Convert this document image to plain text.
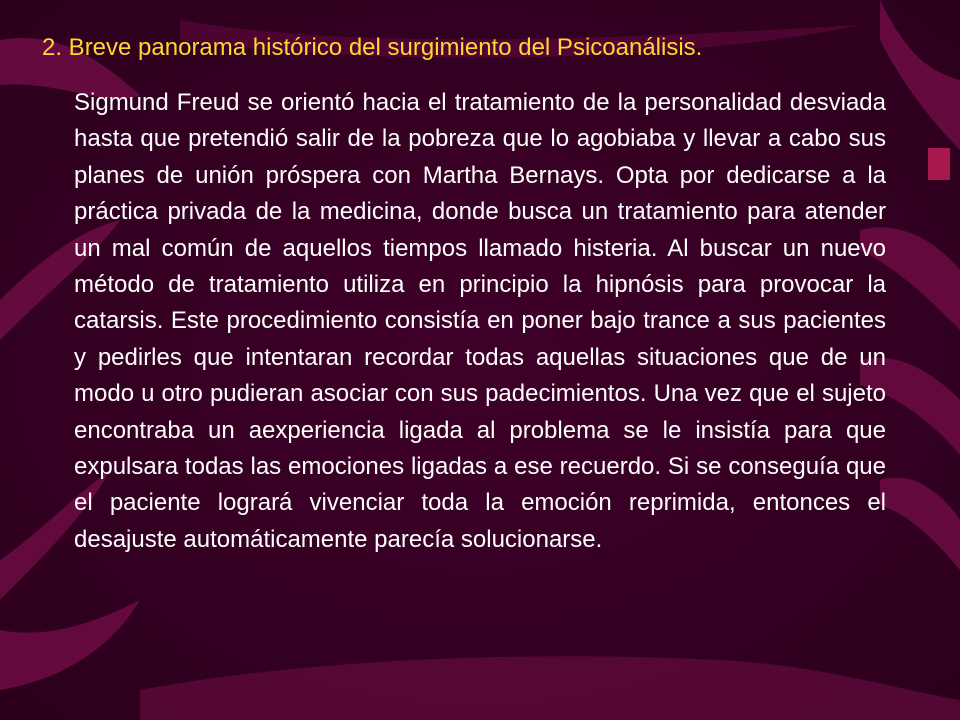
2. Breve panorama histórico del surgimiento del Psicoanálisis.

Sigmund Freud se orientó hacia el tratamiento de la personalidad desviada hasta que pretendió salir de la pobreza que lo agobiaba y llevar a cabo sus planes de unión próspera con Martha Bernays. Opta por dedicarse a la práctica privada de la medicina, donde busca un tratamiento para atender un mal común de aquellos tiempos llamado histeria. Al buscar un nuevo método de tratamiento utiliza en principio la hipnósis para provocar la catarsis. Este procedimiento consistía en poner bajo trance a sus pacientes y pedirles que intentaran recordar todas aquellas situaciones que de un modo u otro pudieran asociar con sus padecimientos. Una vez que el sujeto encontraba un aexperiencia ligada al problema se le insistía para que expulsara todas las emociones ligadas a ese recuerdo. Si se conseguía que el paciente logrará vivenciar toda la emoción reprimida, entonces el desajuste automáticamente parecía solucionarse.
